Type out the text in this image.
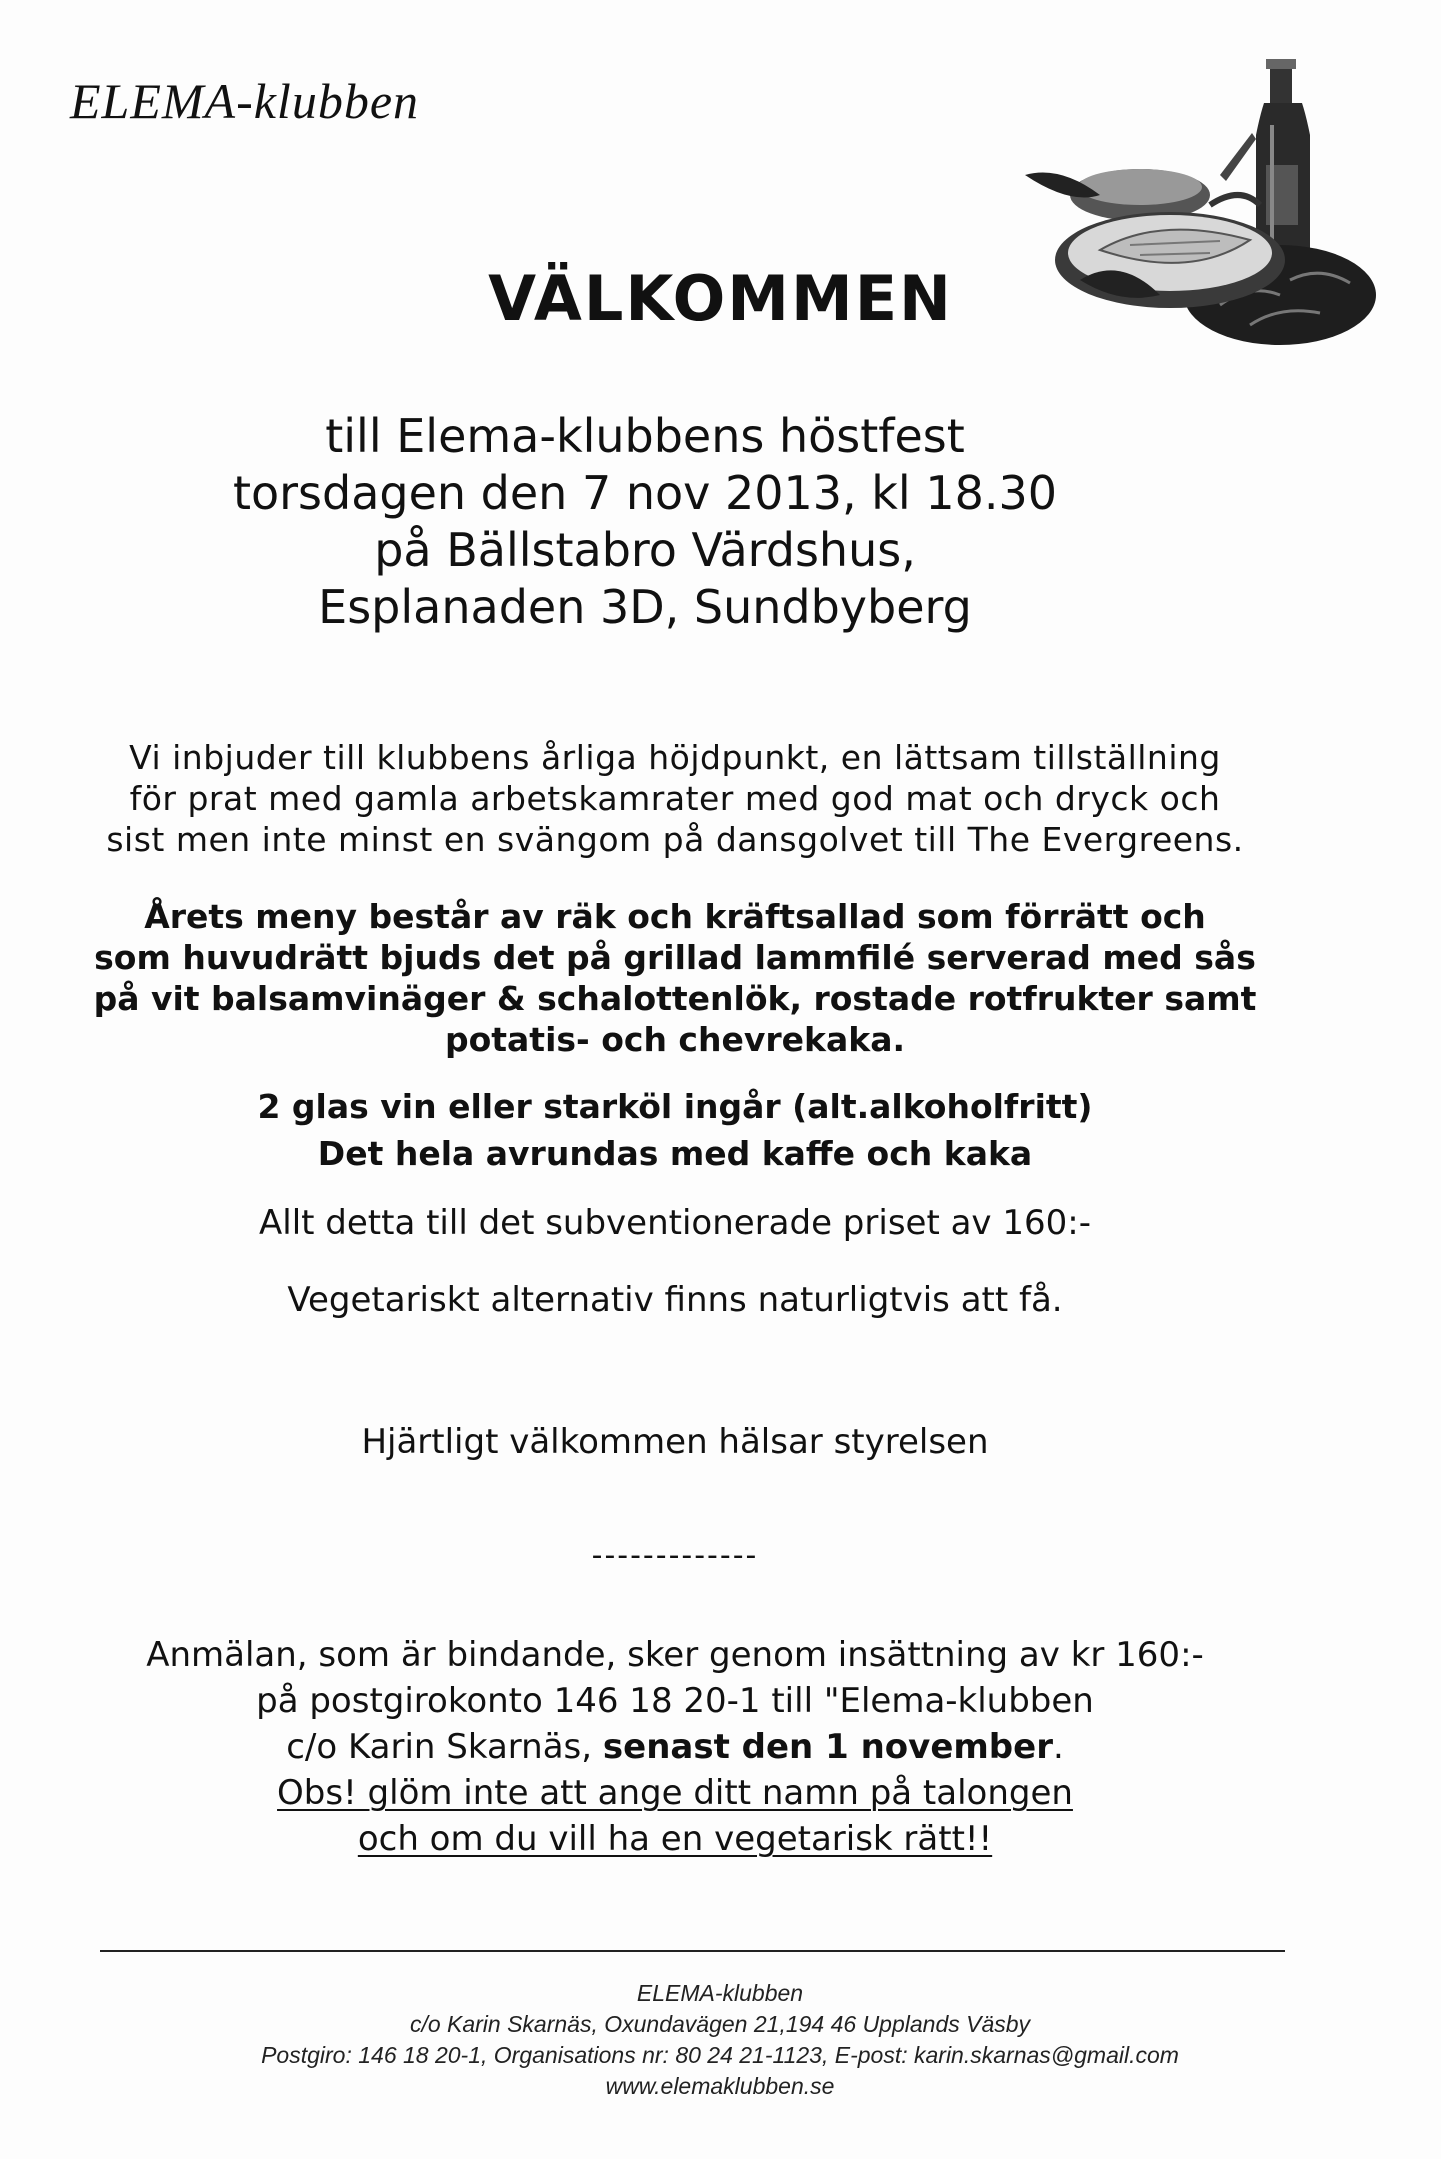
ELEMA-klubben
VÄLKOMMEN
till Elema-klubbens höstfest
torsdagen den 7 nov 2013, kl 18.30
på Bällstabro Värdshus,
Esplanaden 3D, Sundbyberg
Vi inbjuder till klubbens årliga höjdpunkt, en lättsam tillställning
för prat med gamla arbetskamrater med god mat och dryck och
sist men inte minst en svängom på dansgolvet till The Evergreens.
Årets meny består av räk och kräftsallad som förrätt och
som huvudrätt bjuds det på grillad lammfilé serverad med sås
på vit balsamvinäger & schalottenlök, rostade rotfrukter samt
potatis- och chevrekaka.
2 glas vin eller starköl ingår (alt.alkoholfritt)
Det hela avrundas med kaffe och kaka
Allt detta till det subventionerade priset av 160:-
Vegetariskt alternativ finns naturligtvis att få.
Hjärtligt välkommen hälsar styrelsen
-------------
Anmälan, som är bindande, sker genom insättning av kr 160:-
på postgirokonto 146 18 20-1 till "Elema-klubben
c/o Karin Skarnäs, senast den 1 november.
Obs! glöm inte att ange ditt namn på talongen
och om du vill ha en vegetarisk rätt!!
ELEMA-klubben
c/o Karin Skarnäs, Oxundavägen 21,194 46 Upplands Väsby
Postgiro: 146 18 20-1, Organisations nr: 80 24 21-1123, E-post: karin.skarnas@gmail.com
www.elemaklubben.se
